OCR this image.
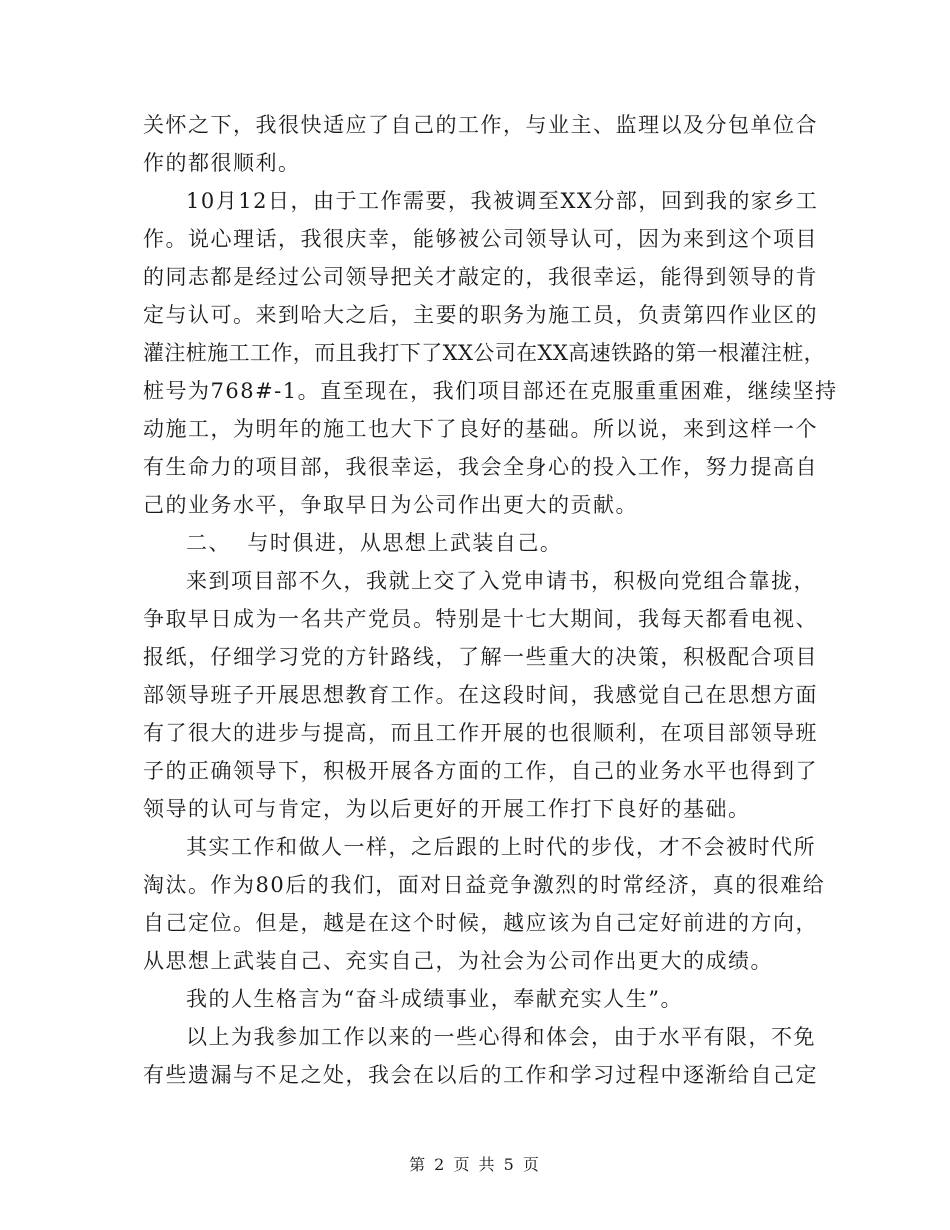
关怀之下，我很快适应了自己的工作，与业主、监理以及分包单位合
作的都很顺利。
10月12日，由于工作需要，我被调至XX分部，回到我的家乡工
作。说心理话，我很庆幸，能够被公司领导认可，因为来到这个项目
的同志都是经过公司领导把关才敲定的，我很幸运，能得到领导的肯
定与认可。来到哈大之后，主要的职务为施工员，负责第四作业区的
灌注桩施工工作，而且我打下了XX公司在XX高速铁路的第一根灌注桩，
桩号为768#-1。直至现在，我们项目部还在克服重重困难，继续坚持
动施工，为明年的施工也大下了良好的基础。所以说，来到这样一个
有生命力的项目部，我很幸运，我会全身心的投入工作，努力提高自
己的业务水平，争取早日为公司作出更大的贡献。
二、  与时俱进，从思想上武装自己。
来到项目部不久，我就上交了入党申请书，积极向党组合靠拢，
争取早日成为一名共产党员。特别是十七大期间，我每天都看电视、
报纸，仔细学习党的方针路线，了解一些重大的决策，积极配合项目
部领导班子开展思想教育工作。在这段时间，我感觉自己在思想方面
有了很大的进步与提高，而且工作开展的也很顺利，在项目部领导班
子的正确领导下，积极开展各方面的工作，自己的业务水平也得到了
领导的认可与肯定，为以后更好的开展工作打下良好的基础。
其实工作和做人一样，之后跟的上时代的步伐，才不会被时代所
淘汰。作为80后的我们，面对日益竞争激烈的时常经济，真的很难给
自己定位。但是，越是在这个时候，越应该为自己定好前进的方向，
从思想上武装自己、充实自己，为社会为公司作出更大的成绩。
我的人生格言为“奋斗成绩事业，奉献充实人生”。
以上为我参加工作以来的一些心得和体会，由于水平有限，不免
有些遗漏与不足之处，我会在以后的工作和学习过程中逐渐给自己定
第 2 页 共 5 页
